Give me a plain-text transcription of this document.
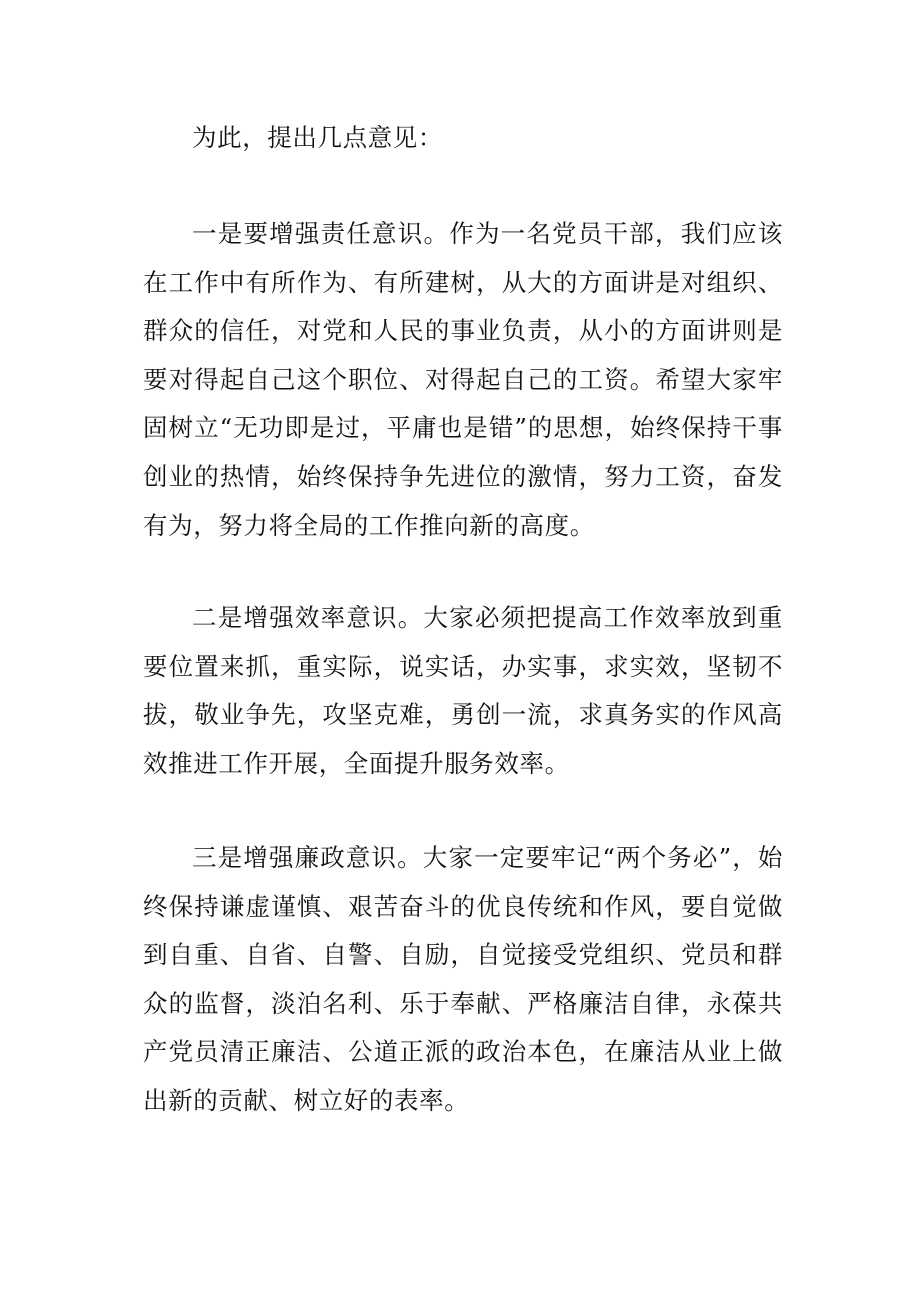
为此，提出几点意见：

一是要增强责任意识。作为一名党员干部，我们应该在工作中有所作为、有所建树，从大的方面讲是对组织、群众的信任，对党和人民的事业负责，从小的方面讲则是要对得起自己这个职位、对得起自己的工资。希望大家牢固树立“无功即是过，平庸也是错”的思想，始终保持干事创业的热情，始终保持争先进位的激情，努力工资，奋发有为，努力将全局的工作推向新的高度。

二是增强效率意识。大家必须把提高工作效率放到重要位置来抓，重实际，说实话，办实事，求实效，坚韧不拔，敬业争先，攻坚克难，勇创一流，求真务实的作风高效推进工作开展，全面提升服务效率。

三是增强廉政意识。大家一定要牢记“两个务必”，始终保持谦虚谨慎、艰苦奋斗的优良传统和作风，要自觉做到自重、自省、自警、自励，自觉接受党组织、党员和群众的监督，淡泊名利、乐于奉献、严格廉洁自律，永葆共产党员清正廉洁、公道正派的政治本色，在廉洁从业上做出新的贡献、树立好的表率。
